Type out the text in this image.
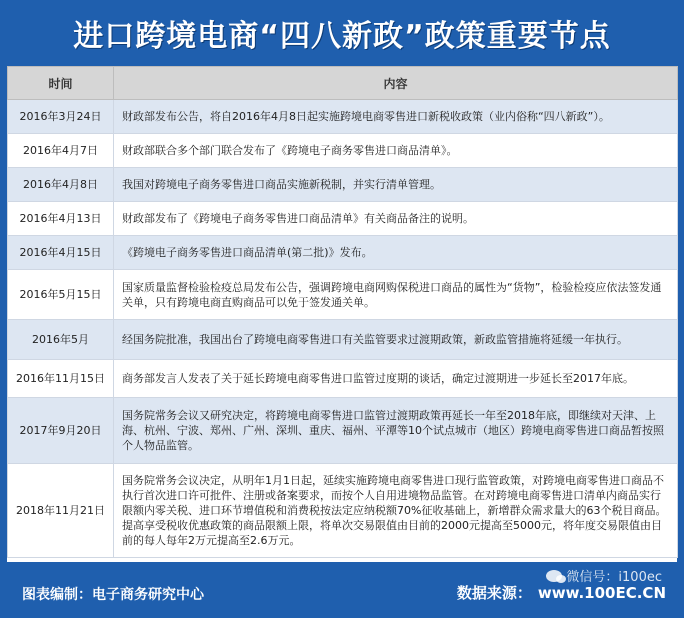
进口跨境电商“四八新政”政策重要节点
时间	内容
2016年3月24日	财政部发布公告，将自2016年4月8日起实施跨境电商零售进口新税收政策（业内俗称“四八新政”）。
2016年4月7日	财政部联合多个部门联合发布了《跨境电子商务零售进口商品清单》。
2016年4月8日	我国对跨境电子商务零售进口商品实施新税制，并实行清单管理。
2016年4月13日	财政部发布了《跨境电子商务零售进口商品清单》有关商品备注的说明。
2016年4月15日	《跨境电子商务零售进口商品清单(第二批)》发布。
2016年5月15日	国家质量监督检验检疫总局发布公告，强调跨境电商网购保税进口商品的属性为“货物”，检验检疫应依法签发通关单，只有跨境电商直购商品可以免于签发通关单。
2016年5月	经国务院批准，我国出台了跨境电商零售进口有关监管要求过渡期政策，新政监管措施将延缓一年执行。
2016年11月15日	商务部发言人发表了关于延长跨境电商零售进口监管过度期的谈话，确定过渡期进一步延长至2017年底。
2017年9月20日	国务院常务会议又研究决定，将跨境电商零售进口监管过渡期政策再延长一年至2018年底，即继续对天津、上海、杭州、宁波、郑州、广州、深圳、重庆、福州、平潭等10个试点城市（地区）跨境电商零售进口商品暂按照个人物品监管。
2018年11月21日	国务院常务会议决定，从明年1月1日起，延续实施跨境电商零售进口现行监管政策，对跨境电商零售进口商品不执行首次进口许可批件、注册或备案要求，而按个人自用进境物品监管。在对跨境电商零售进口清单内商品实行限额内零关税、进口环节增值税和消费税按法定应纳税额70%征收基础上，新增群众需求量大的63个税目商品。提高享受税收优惠政策的商品限额上限，将单次交易限值由目前的2000元提高至5000元，将年度交易限值由目前的每人每年2万元提高至2.6万元。
微信号：i100ec
图表编制：电子商务研究中心	数据来源： www.100EC.CN
